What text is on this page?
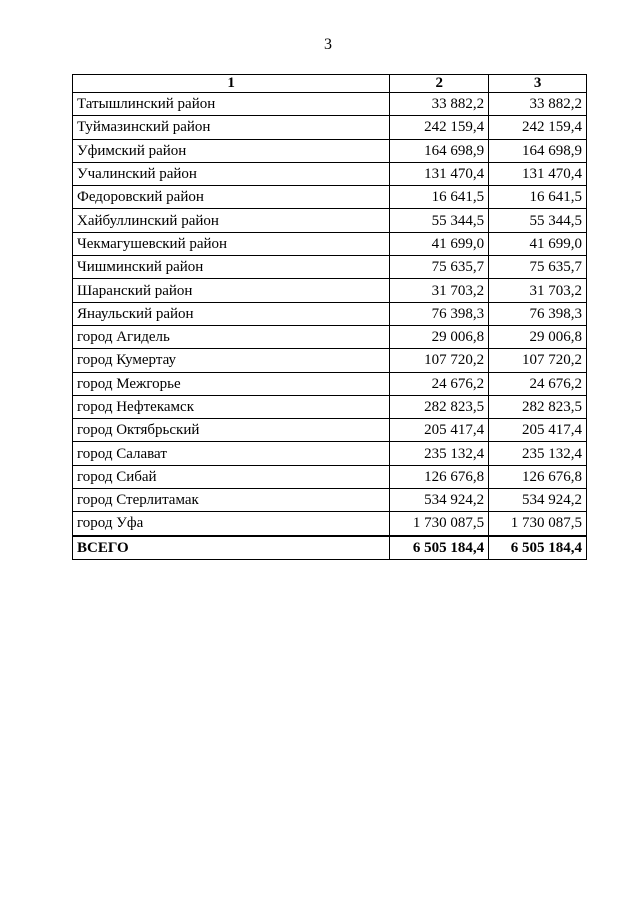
3
1	2	3
Татышлинский район	33 882,2	33 882,2
Туймазинский район	242 159,4	242 159,4
Уфимский район	164 698,9	164 698,9
Учалинский район	131 470,4	131 470,4
Федоровский район	16 641,5	16 641,5
Хайбуллинский район	55 344,5	55 344,5
Чекмагушевский район	41 699,0	41 699,0
Чишминский район	75 635,7	75 635,7
Шаранский район	31 703,2	31 703,2
Янаульский район	76 398,3	76 398,3
город Агидель	29 006,8	29 006,8
город Кумертау	107 720,2	107 720,2
город Межгорье	24 676,2	24 676,2
город Нефтекамск	282 823,5	282 823,5
город Октябрьский	205 417,4	205 417,4
город Салават	235 132,4	235 132,4
город Сибай	126 676,8	126 676,8
город Стерлитамак	534 924,2	534 924,2
город Уфа	1 730 087,5	1 730 087,5
ВСЕГО	6 505 184,4	6 505 184,4
